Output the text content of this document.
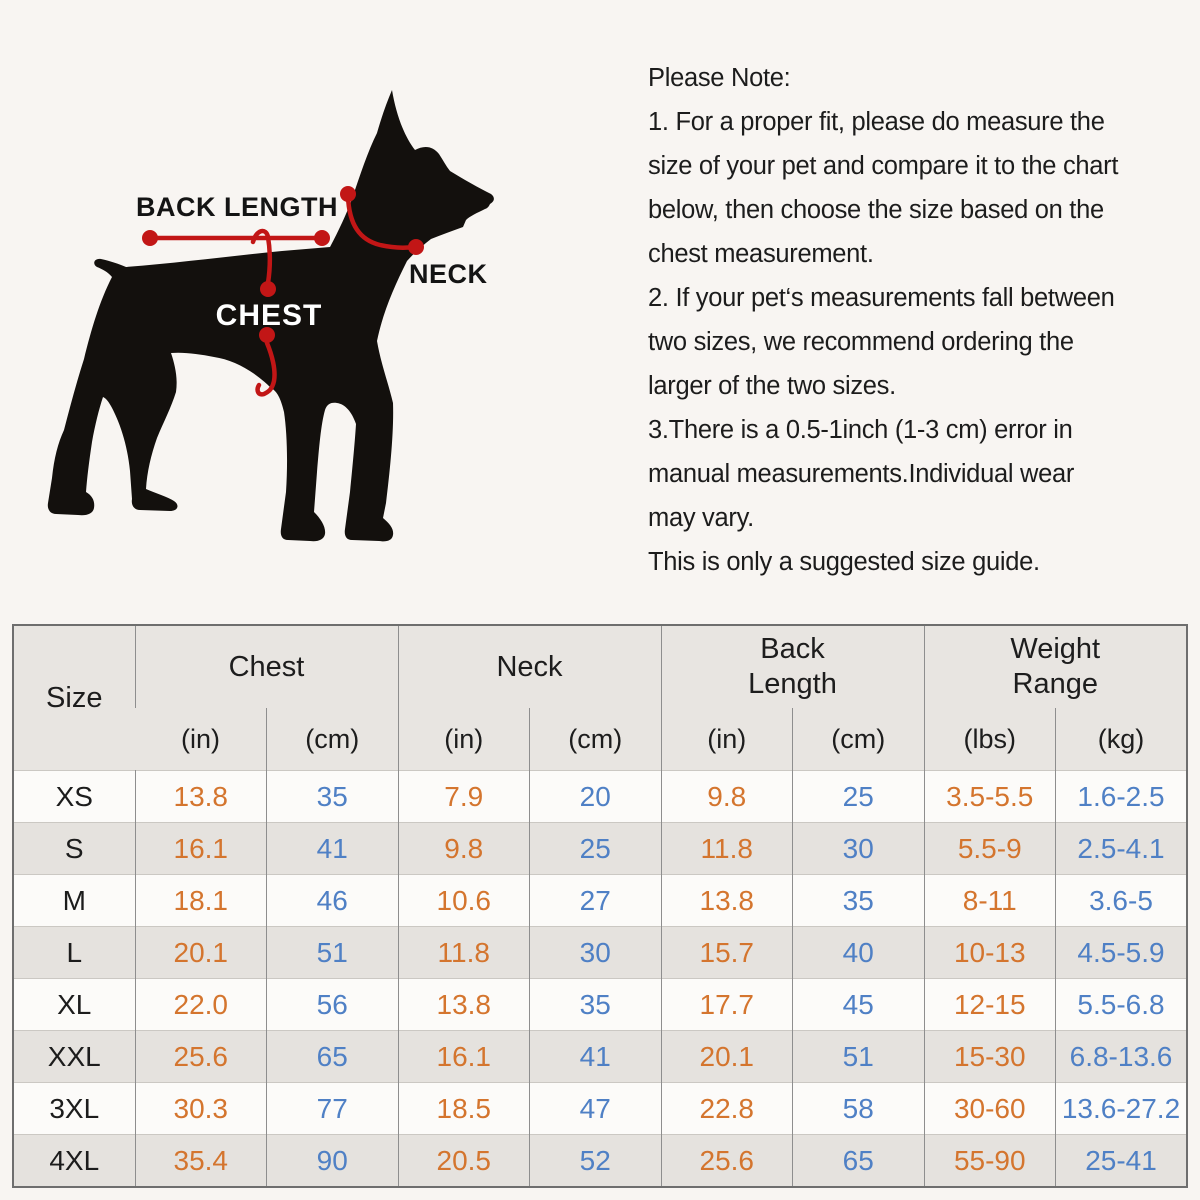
BACK LENGTH
NECK
CHEST
Please Note:
1. For a proper fit, please do measure the
size of your pet and compare it to the chart
below, then choose the size based on the
chest measurement.
2. If your pet‘s measurements fall between
two sizes, we recommend ordering the
larger of the two sizes.
3.There is a 0.5-1inch (1-3 cm) error in
manual measurements.Individual wear
may vary.
This is only a suggested size guide.
Size	Chest		Neck		Back Length		Weight Range	
	(in)	(cm)	(in)	(cm)	(in)	(cm)	(lbs)	(kg)
XS	13.8	35	7.9	20	9.8	25	3.5-5.5	1.6-2.5
S	16.1	41	9.8	25	11.8	30	5.5-9	2.5-4.1
M	18.1	46	10.6	27	13.8	35	8-11	3.6-5
L	20.1	51	11.8	30	15.7	40	10-13	4.5-5.9
XL	22.0	56	13.8	35	17.7	45	12-15	5.5-6.8
XXL	25.6	65	16.1	41	20.1	51	15-30	6.8-13.6
3XL	30.3	77	18.5	47	22.8	58	30-60	13.6-27.2
4XL	35.4	90	20.5	52	25.6	65	55-90	25-41
